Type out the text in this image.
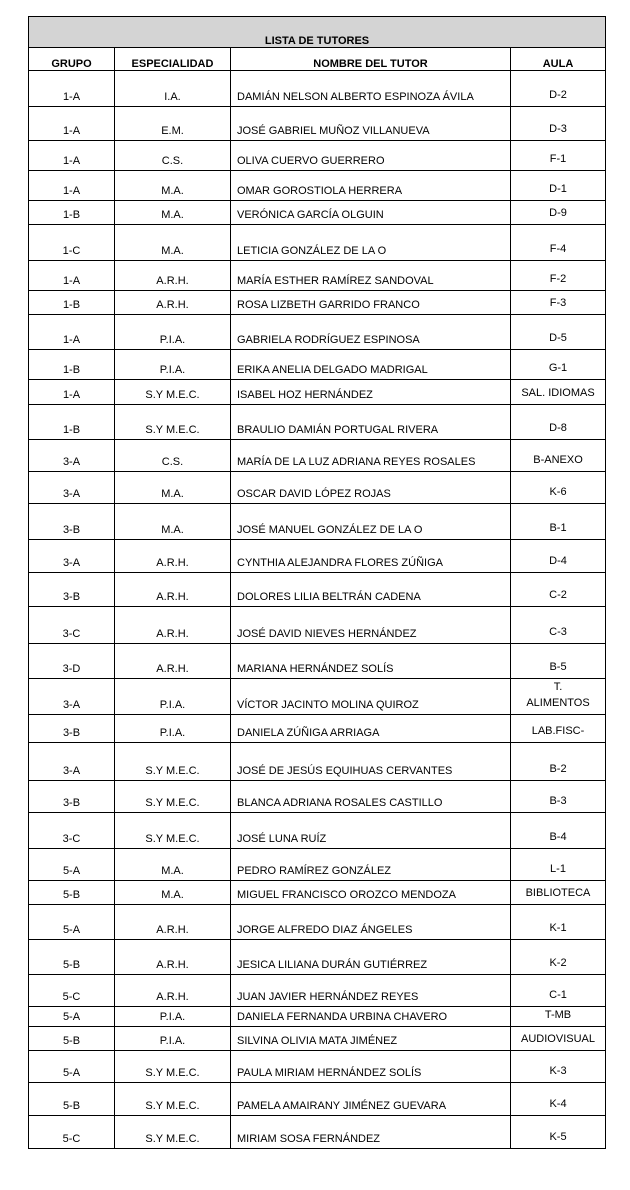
LISTA DE TUTORES			
GRUPO	ESPECIALIDAD	NOMBRE DEL TUTOR	AULA
1-A	I.A.	DAMIÁN NELSON ALBERTO ESPINOZA ÁVILA	D-2
1-A	E.M.	JOSÉ GABRIEL MUÑOZ VILLANUEVA	D-3
1-A	C.S.	OLIVA CUERVO GUERRERO	F-1
1-A	M.A.	OMAR GOROSTIOLA HERRERA	D-1
1-B	M.A.	VERÓNICA GARCÍA OLGUIN	D-9
1-C	M.A.	LETICIA GONZÁLEZ DE LA O	F-4
1-A	A.R.H.	MARÍA ESTHER RAMÍREZ SANDOVAL	F-2
1-B	A.R.H.	ROSA LIZBETH GARRIDO FRANCO	F-3
1-A	P.I.A.	GABRIELA RODRÍGUEZ ESPINOSA	D-5
1-B	P.I.A.	ERIKA ANELIA DELGADO MADRIGAL	G-1
1-A	S.Y M.E.C.	ISABEL HOZ HERNÁNDEZ	SAL. IDIOMAS
1-B	S.Y M.E.C.	BRAULIO DAMIÁN PORTUGAL RIVERA	D-8
3-A	C.S.	MARÍA DE LA LUZ ADRIANA REYES ROSALES	B-ANEXO
3-A	M.A.	OSCAR DAVID LÓPEZ ROJAS	K-6
3-B	M.A.	JOSÉ MANUEL GONZÁLEZ DE LA O	B-1
3-A	A.R.H.	CYNTHIA ALEJANDRA FLORES ZÚÑIGA	D-4
3-B	A.R.H.	DOLORES LILIA BELTRÁN CADENA	C-2
3-C	A.R.H.	JOSÉ DAVID NIEVES HERNÁNDEZ	C-3
3-D	A.R.H.	MARIANA HERNÁNDEZ SOLÍS	B-5
3-A	P.I.A.	VÍCTOR JACINTO MOLINA QUIROZ	T. ALIMENTOS
3-B	P.I.A.	DANIELA ZÚÑIGA ARRIAGA	LAB.FISC-
3-A	S.Y M.E.C.	JOSÉ DE JESÚS EQUIHUAS CERVANTES	B-2
3-B	S.Y M.E.C.	BLANCA ADRIANA ROSALES CASTILLO	B-3
3-C	S.Y M.E.C.	JOSÉ LUNA RUÍZ	B-4
5-A	M.A.	PEDRO RAMÍREZ GONZÁLEZ	L-1
5-B	M.A.	MIGUEL FRANCISCO OROZCO MENDOZA	BIBLIOTECA
5-A	A.R.H.	JORGE ALFREDO DIAZ ÁNGELES	K-1
5-B	A.R.H.	JESICA LILIANA DURÁN GUTIÉRREZ	K-2
5-C	A.R.H.	JUAN JAVIER HERNÁNDEZ REYES	C-1
5-A	P.I.A.	DANIELA FERNANDA URBINA CHAVERO	T-MB
5-B	P.I.A.	SILVINA OLIVIA MATA JIMÉNEZ	AUDIOVISUAL
5-A	S.Y M.E.C.	PAULA MIRIAM HERNÁNDEZ SOLÍS	K-3
5-B	S.Y M.E.C.	PAMELA AMAIRANY JIMÉNEZ GUEVARA	K-4
5-C	S.Y M.E.C.	MIRIAM SOSA FERNÁNDEZ	K-5
